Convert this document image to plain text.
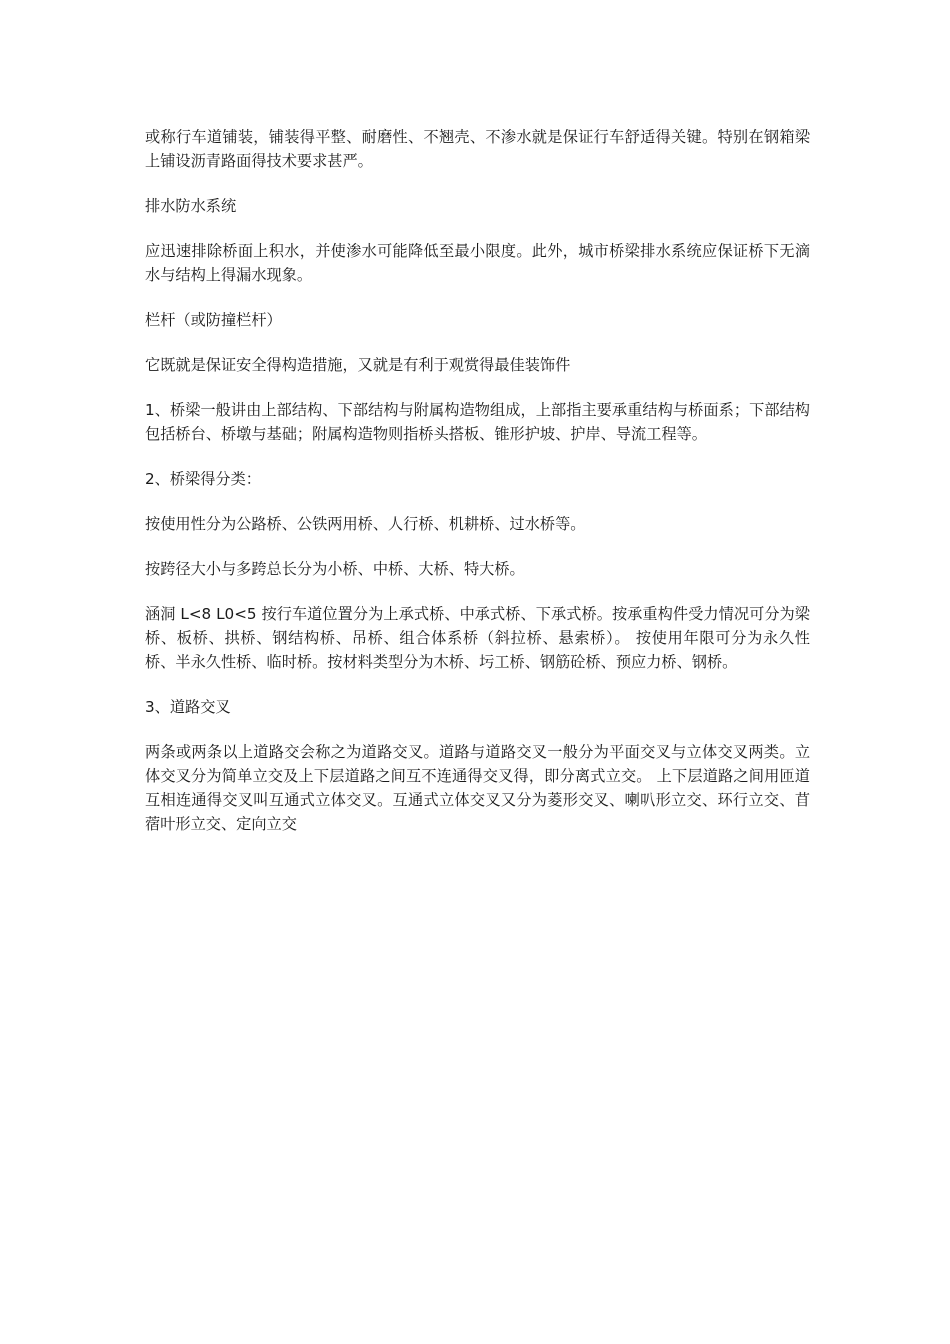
或称行车道铺装，铺装得平整、耐磨性、不翘壳、不渗水就是保证行车舒适得关键。特别在钢箱梁上铺设沥青路面得技术要求甚严。

排水防水系统

应迅速排除桥面上积水，并使渗水可能降低至最小限度。此外，城市桥梁排水系统应保证桥下无滴水与结构上得漏水现象。

栏杆（或防撞栏杆）

它既就是保证安全得构造措施，又就是有利于观赏得最佳装饰件

1、桥梁一般讲由上部结构、下部结构与附属构造物组成，上部指主要承重结构与桥面系；下部结构包括桥台、桥墩与基础；附属构造物则指桥头搭板、锥形护坡、护岸、导流工程等。

2、桥梁得分类：

按使用性分为公路桥、公铁两用桥、人行桥、机耕桥、过水桥等。

按跨径大小与多跨总长分为小桥、中桥、大桥、特大桥。

涵洞 L<8 L0<5 按行车道位置分为上承式桥、中承式桥、下承式桥。按承重构件受力情况可分为梁桥、板桥、拱桥、钢结构桥、吊桥、组合体系桥（斜拉桥、悬索桥）。 按使用年限可分为永久性桥、半永久性桥、临时桥。按材料类型分为木桥、圬工桥、钢筋砼桥、预应力桥、钢桥。

3、道路交叉

两条或两条以上道路交会称之为道路交叉。道路与道路交叉一般分为平面交叉与立体交叉两类。立体交叉分为简单立交及上下层道路之间互不连通得交叉得，即分离式立交。 上下层道路之间用匝道互相连通得交叉叫互通式立体交叉。互通式立体交叉又分为菱形交叉、喇叭形立交、环行立交、苜蓿叶形立交、定向立交
